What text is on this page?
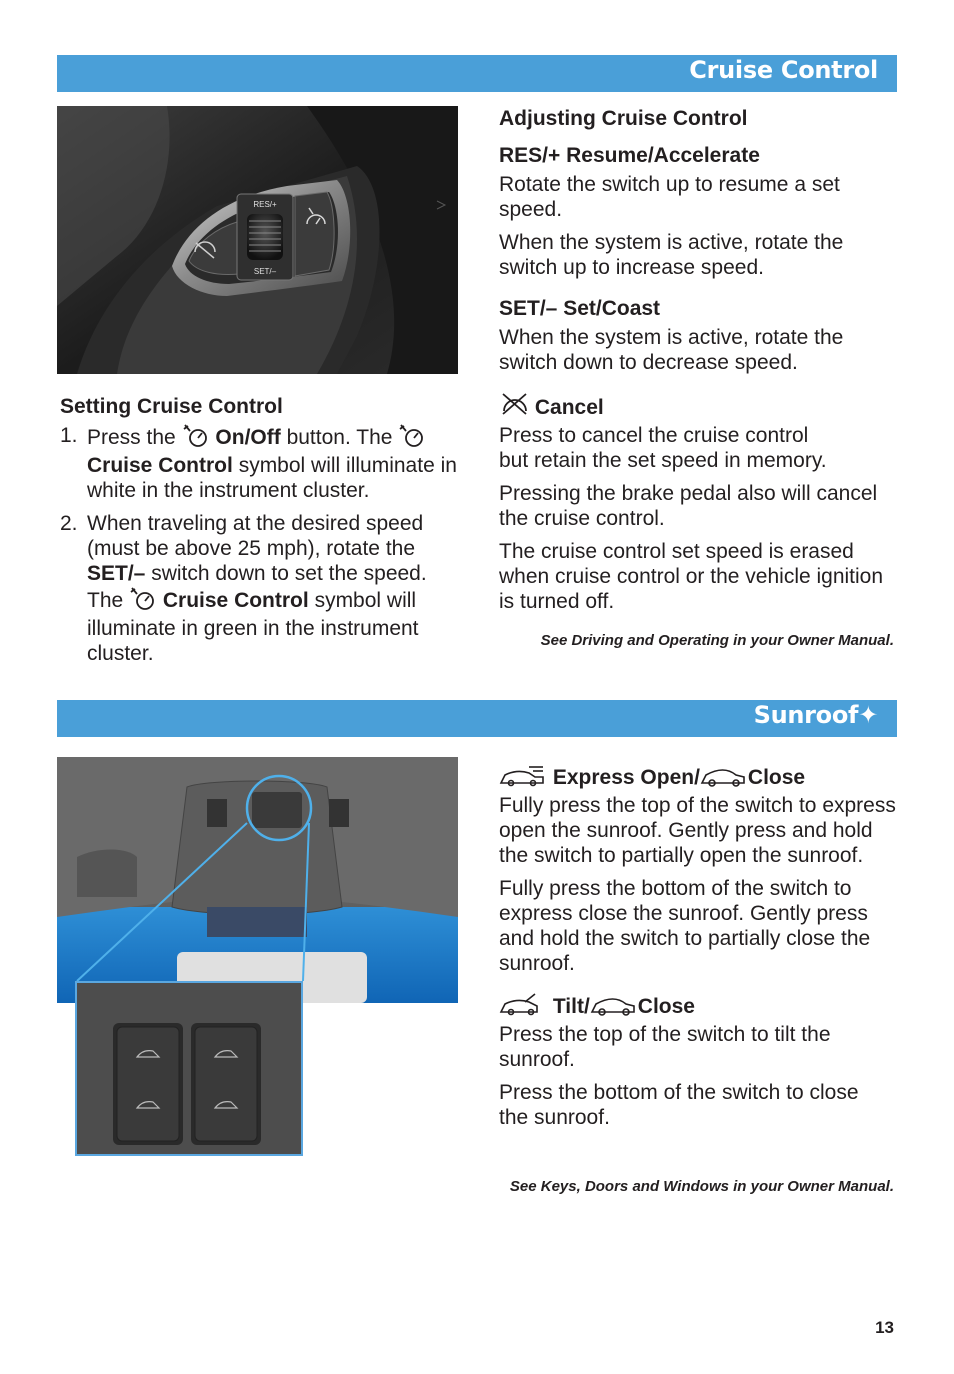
Cruise Control
RES/+
SET/–
Setting Cruise Control
1. Press the On/Off button. The  Cruise Control symbol will illuminate in white in the instrument cluster.
2. When traveling at the desired speed (must be above 25 mph), rotate the SET/– switch down to set the speed. The Cruise Control symbol will illuminate in green in the instrument cluster.
Adjusting Cruise Control
RES/+ Resume/Accelerate

Rotate the switch up to resume a set speed.

When the system is active, rotate the switch up to increase speed.

SET/– Set/Coast

When the system is active, rotate the switch down to decrease speed.

Cancel

Press to cancel the cruise control but retain the set speed in memory.

Pressing the brake pedal also will cancel the cruise control.

The cruise control set speed is erased when cruise control or the vehicle ignition is turned off.

See Driving and Operating in your Owner Manual.
Sunroof✦
Express Open/ Close

Fully press the top of the switch to express open the sunroof. Gently press and hold the switch to partially open the sunroof.

Fully press the bottom of the switch to express close the sunroof. Gently press and hold the switch to partially close the sunroof.

Tilt/ Close

Press the top of the switch to tilt the sunroof.

Press the bottom of the switch to close the sunroof.

See Keys, Doors and Windows in your Owner Manual.
13
